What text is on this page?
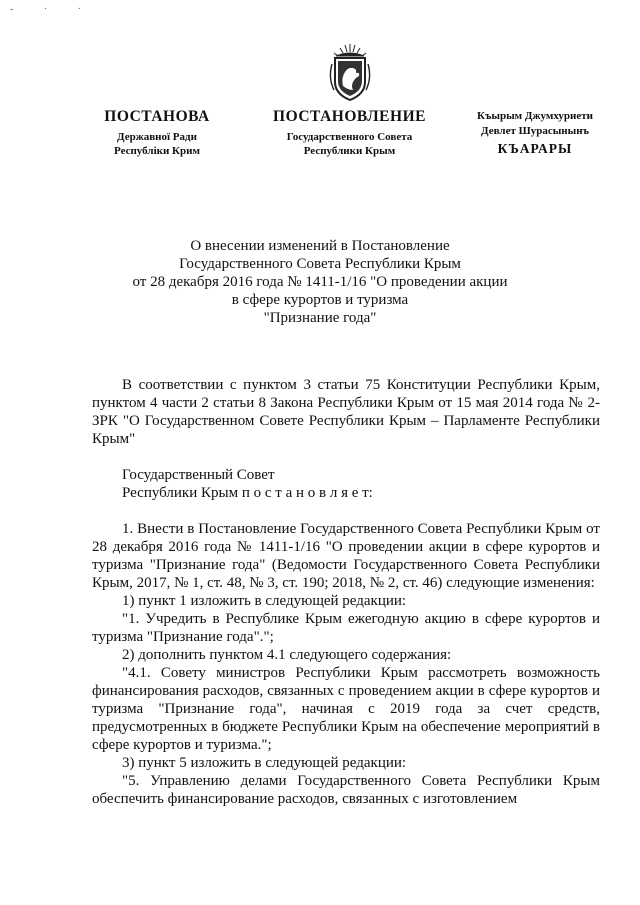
- · ·
ПОСТАНОВА
Державної Ради
Республіки Крим
ПОСТАНОВЛЕНИЕ
Государственного Совета
Республики Крым
Къырым Джумхуриети
Девлет Шурасынынъ
КЪАРАРЫ
О внесении изменений в Постановление
Государственного Совета Республики Крым
от 28 декабря 2016 года № 1411-1/16 "О проведении акции
в сфере курортов и туризма
"Признание года"

В соответствии с пунктом 3 статьи 75 Конституции Республики Крым, пунктом 4 части 2 статьи 8 Закона Республики Крым от 15 мая 2014 года № 2-ЗРК "О Государственном Совете Республики Крым – Парламенте Республики Крым"

Государственный Совет

Республики Крым п о с т а н о в л я е т:

1. Внести в Постановление Государственного Совета Республики Крым от 28 декабря 2016 года № 1411-1/16 "О проведении акции в сфере курортов и туризма "Признание года" (Ведомости Государственного Совета Республики Крым, 2017, № 1, ст. 48, № 3, ст. 190; 2018, № 2, ст. 46) следующие изменения:

1) пункт 1 изложить в следующей редакции:

"1. Учредить в Республике Крым ежегодную акцию в сфере курортов и туризма "Признание года".";

2) дополнить пунктом 4.1 следующего содержания:

"4.1. Совету министров Республики Крым рассмотреть возможность финансирования расходов, связанных с проведением акции в сфере курортов и туризма "Признание года", начиная с 2019 года за счет средств, предусмотренных в бюджете Республики Крым на обеспечение мероприятий в сфере курортов и туризма.";

3) пункт 5 изложить в следующей редакции:

"5. Управлению делами Государственного Совета Республики Крым обеспечить финансирование расходов, связанных с изготовлением
